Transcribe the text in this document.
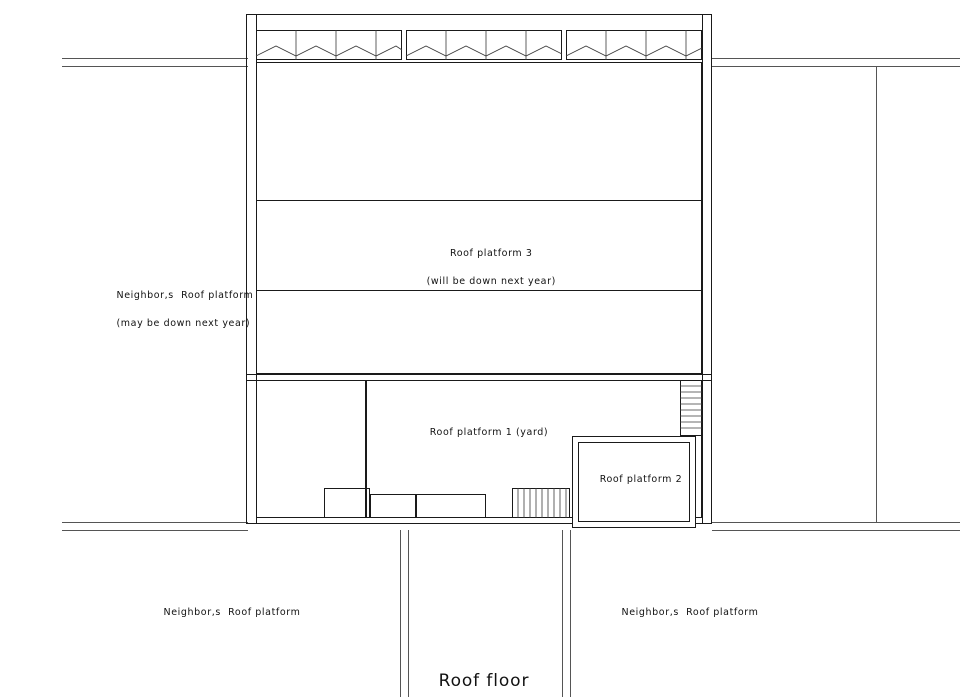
Neighbor,s  Roof platform

(may be down next year)

Roof platform 3

(will be down next year)

Roof platform 1 (yard)
Roof platform 2
Neighbor,s  Roof platform	Neighbor,s  Roof platform
Roof floor
